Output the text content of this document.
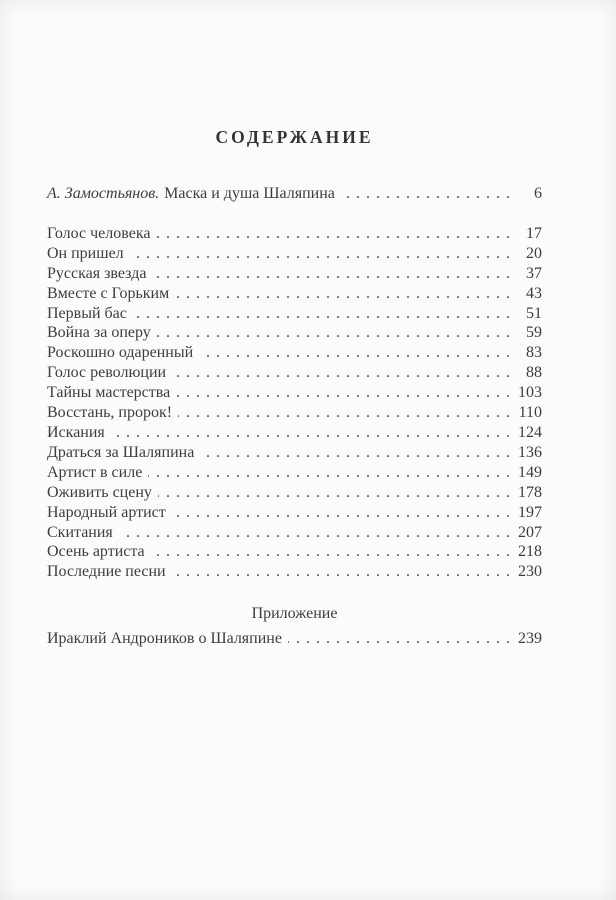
СОДЕРЖАНИЕ
А. Замостьянов. Маска и душа Шаляпина . . .	6
Голос человека . . .	17
Он пришел . . .	20
Русская звезда . . .	37
Вместе с Горьким . . .	43
Первый бас . . .	51
Война за оперу . . .	59
Роскошно одаренный . . .	83
Голос революции . . .	88
Тайны мастерства . . .	103
Восстань, пророк! . . .	110
Искания . . .	124
Драться за Шаляпина . . .	136
Артист в силе . . .	149
Оживить сцену . . .	178
Народный артист . . .	197
Скитания . . .	207
Осень артиста . . .	218
Последние песни . . .	230
Приложение
Ираклий Андроников о Шаляпине . . .	239
